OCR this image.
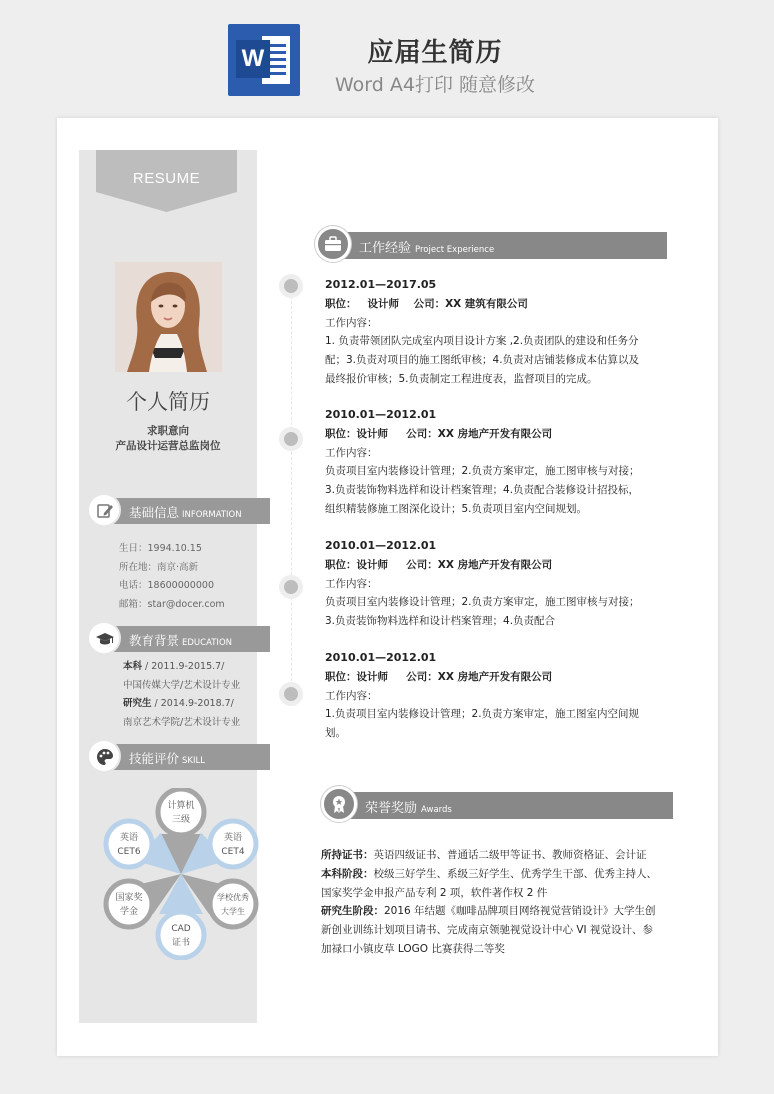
W	应届生简历
Word A4打印 随意修改
RESUME
个人简历
求职意向
产品设计运营总监岗位
基础信息 INFORMATION
生日：1994.10.15
所在地：南京·高新
电话：18600000000
邮箱：star@docer.com
教育背景 EDUCATION
本科 / 2011.9-2015.7/
中国传媒大学/艺术设计专业
研究生 / 2014.9-2018.7/
南京艺术学院/艺术设计专业
技能评价 SKILL
计算机
三级
英语
CET4
学校优秀
大学生
CAD
证书
国家奖
学金
英语
CET6
工作经验 Project Experience
2012.01—2017.05
职位：   设计师    公司：XX 建筑有限公司
工作内容：
1. 负责带领团队完成室内项目设计方案 ,2.负责团队的建设和任务分
配；3.负责对项目的施工图纸审核；4.负责对店铺装修成本估算以及
最终报价审核；5.负责制定工程进度表，监督项目的完成。
2010.01—2012.01
职位：设计师     公司：XX 房地产开发有限公司
工作内容：
负责项目室内装修设计管理；2.负责方案审定，施工图审核与对接；
3.负责装饰物料选样和设计档案管理；4.负责配合装修设计招投标，
组织精装修施工图深化设计；5.负责项目室内空间规划。
2010.01—2012.01
职位：设计师     公司：XX 房地产开发有限公司
工作内容：
负责项目室内装修设计管理；2.负责方案审定，施工图审核与对接；
3.负责装饰物料选样和设计档案管理；4.负责配合
2010.01—2012.01
职位：设计师     公司：XX 房地产开发有限公司
工作内容：
1.负责项目室内装修设计管理；2.负责方案审定，施工图室内空间规
划。
荣誉奖励 Awards
所持证书：英语四级证书、普通话二级甲等证书、教师资格证、会计证
本科阶段：校级三好学生、系级三好学生、优秀学生干部、优秀主持人、
国家奖学金申报产品专利 2 项，软件著作权 2 件
研究生阶段：2016 年结题《咖啡品牌项目网络视觉营销设计》大学生创
新创业训练计划项目请书、完成南京领驰视觉设计中心 VI 视觉设计、参
加禄口小镇皮草 LOGO 比赛获得二等奖
